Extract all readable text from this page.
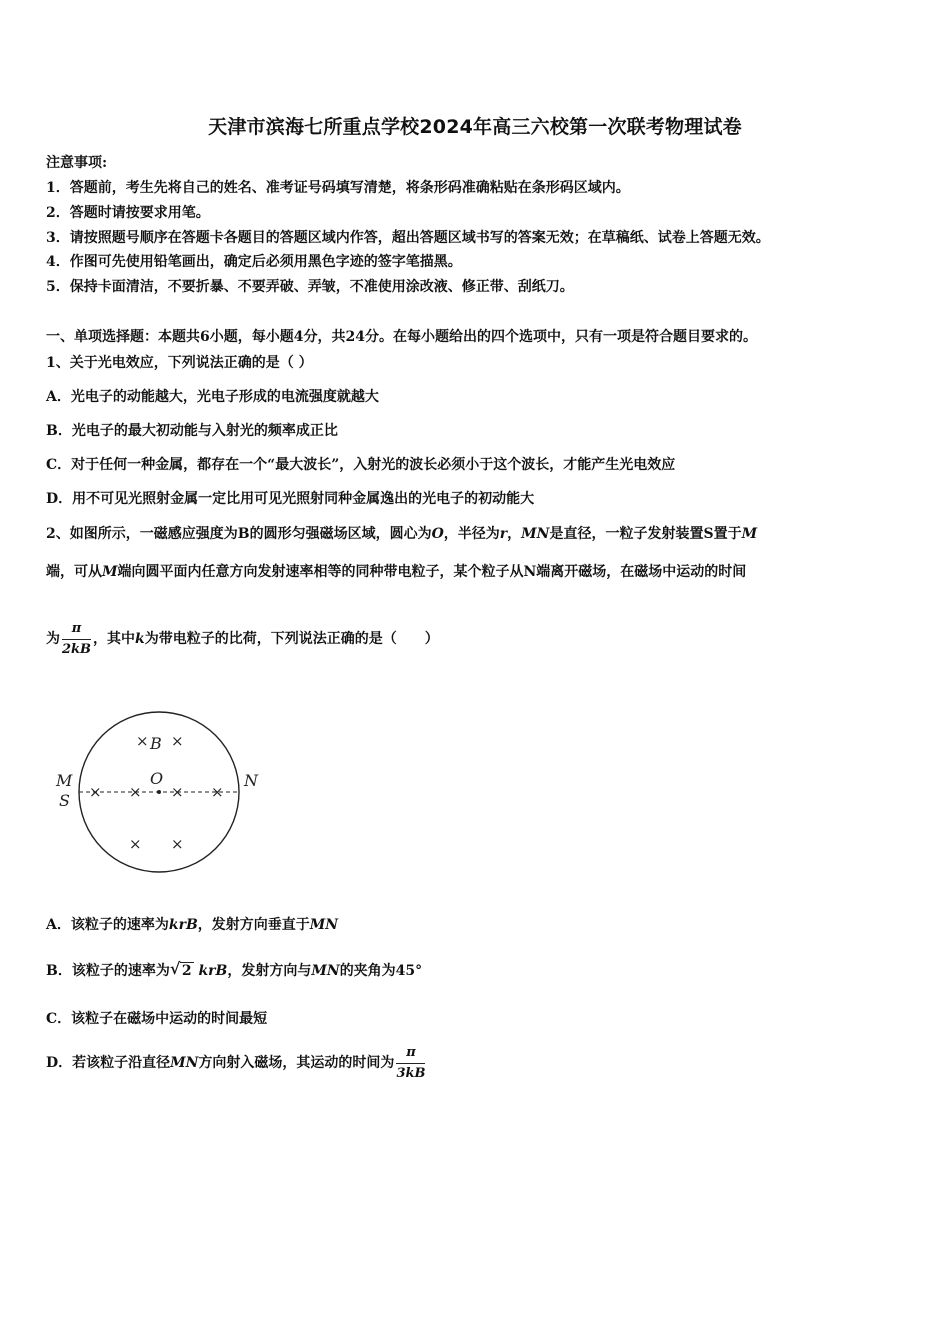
天津市滨海七所重点学校2024年高三六校第一次联考物理试卷
注意事项:
1．答题前，考生先将自己的姓名、准考证号码填写清楚，将条形码准确粘贴在条形码区域内。
2．答题时请按要求用笔。
3．请按照题号顺序在答题卡各题目的答题区域内作答，超出答题区域书写的答案无效；在草稿纸、试卷上答题无效。
4．作图可先使用铅笔画出，确定后必须用黑色字迹的签字笔描黑。
5．保持卡面清洁，不要折暴、不要弄破、弄皱，不准使用涂改液、修正带、刮纸刀。
一、单项选择题：本题共6小题，每小题4分，共24分。在每小题给出的四个选项中，只有一项是符合题目要求的。
1、关于光电效应，下列说法正确的是（ ）
A．光电子的动能越大，光电子形成的电流强度就越大
B．光电子的最大初动能与入射光的频率成正比
C．对于任何一种金属，都存在一个“最大波长”，入射光的波长必须小于这个波长，才能产生光电效应
D．用不可见光照射金属一定比用可见光照射同种金属逸出的光电子的初动能大
2、如图所示，一磁感应强度为B的圆形匀强磁场区域，圆心为O，半径为r，MN是直径，一粒子发射装置S置于M
端，可从M端向圆平面内任意方向发射速率相等的同种带电粒子，某个粒子从N端离开磁场，在磁场中运动的时间
为 $\frac{\pi}{2kB}$ ，其中k为带电粒子的比荷，下列说法正确的是（　　）
× ×
× × × ×
× ×
B
O
M
S
N
A．该粒子的速率为krB，发射方向垂直于MN
B．该粒子的速率为 √ 2 krB，发射方向与MN的夹角为45°
C．该粒子在磁场中运动的时间最短
D．若该粒子沿直径MN方向射入磁场，其运动的时间为 $\frac{\pi}{3kB}$
